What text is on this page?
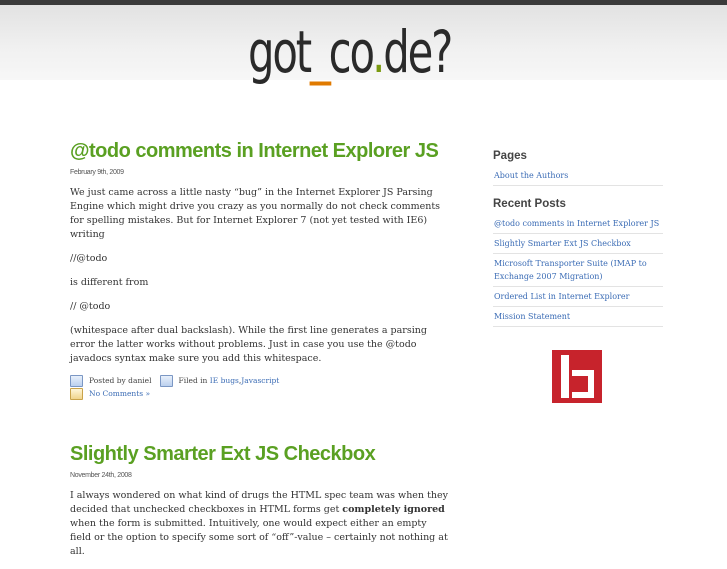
got_co.de?
@todo comments in Internet Explorer JS
February 9th, 2009

We just came across a little nasty “bug” in the Internet Explorer JS Parsing Engine which might drive you crazy as you normally do not check comments for spelling mistakes. But for Internet Explorer 7 (not yet tested with IE6) writing

//@todo

is different from

// @todo

(whitespace after dual backslash). While the first line generates a parsing error the latter works without problems. Just in case you use the @todo javadocs syntax make sure you add this whitespace.

Posted by daniel	Filed in
IE bugs , Javascript
No Comments »
Slightly Smarter Ext JS Checkbox
November 24th, 2008

I always wondered on what kind of drugs the HTML spec team was when they decided that unchecked checkboxes in HTML forms get completely ignored when the form is submitted. Intuitively, one would expect either an empty field or the option to specify some sort of “off”-value – certainly not nothing at all.

Pages
About the Authors
Recent Posts
@todo comments in Internet Explorer JS
Slightly Smarter Ext JS Checkbox
Microsoft Transporter Suite (IMAP to Exchange 2007 Migration)
Ordered List in Internet Explorer
Mission Statement
